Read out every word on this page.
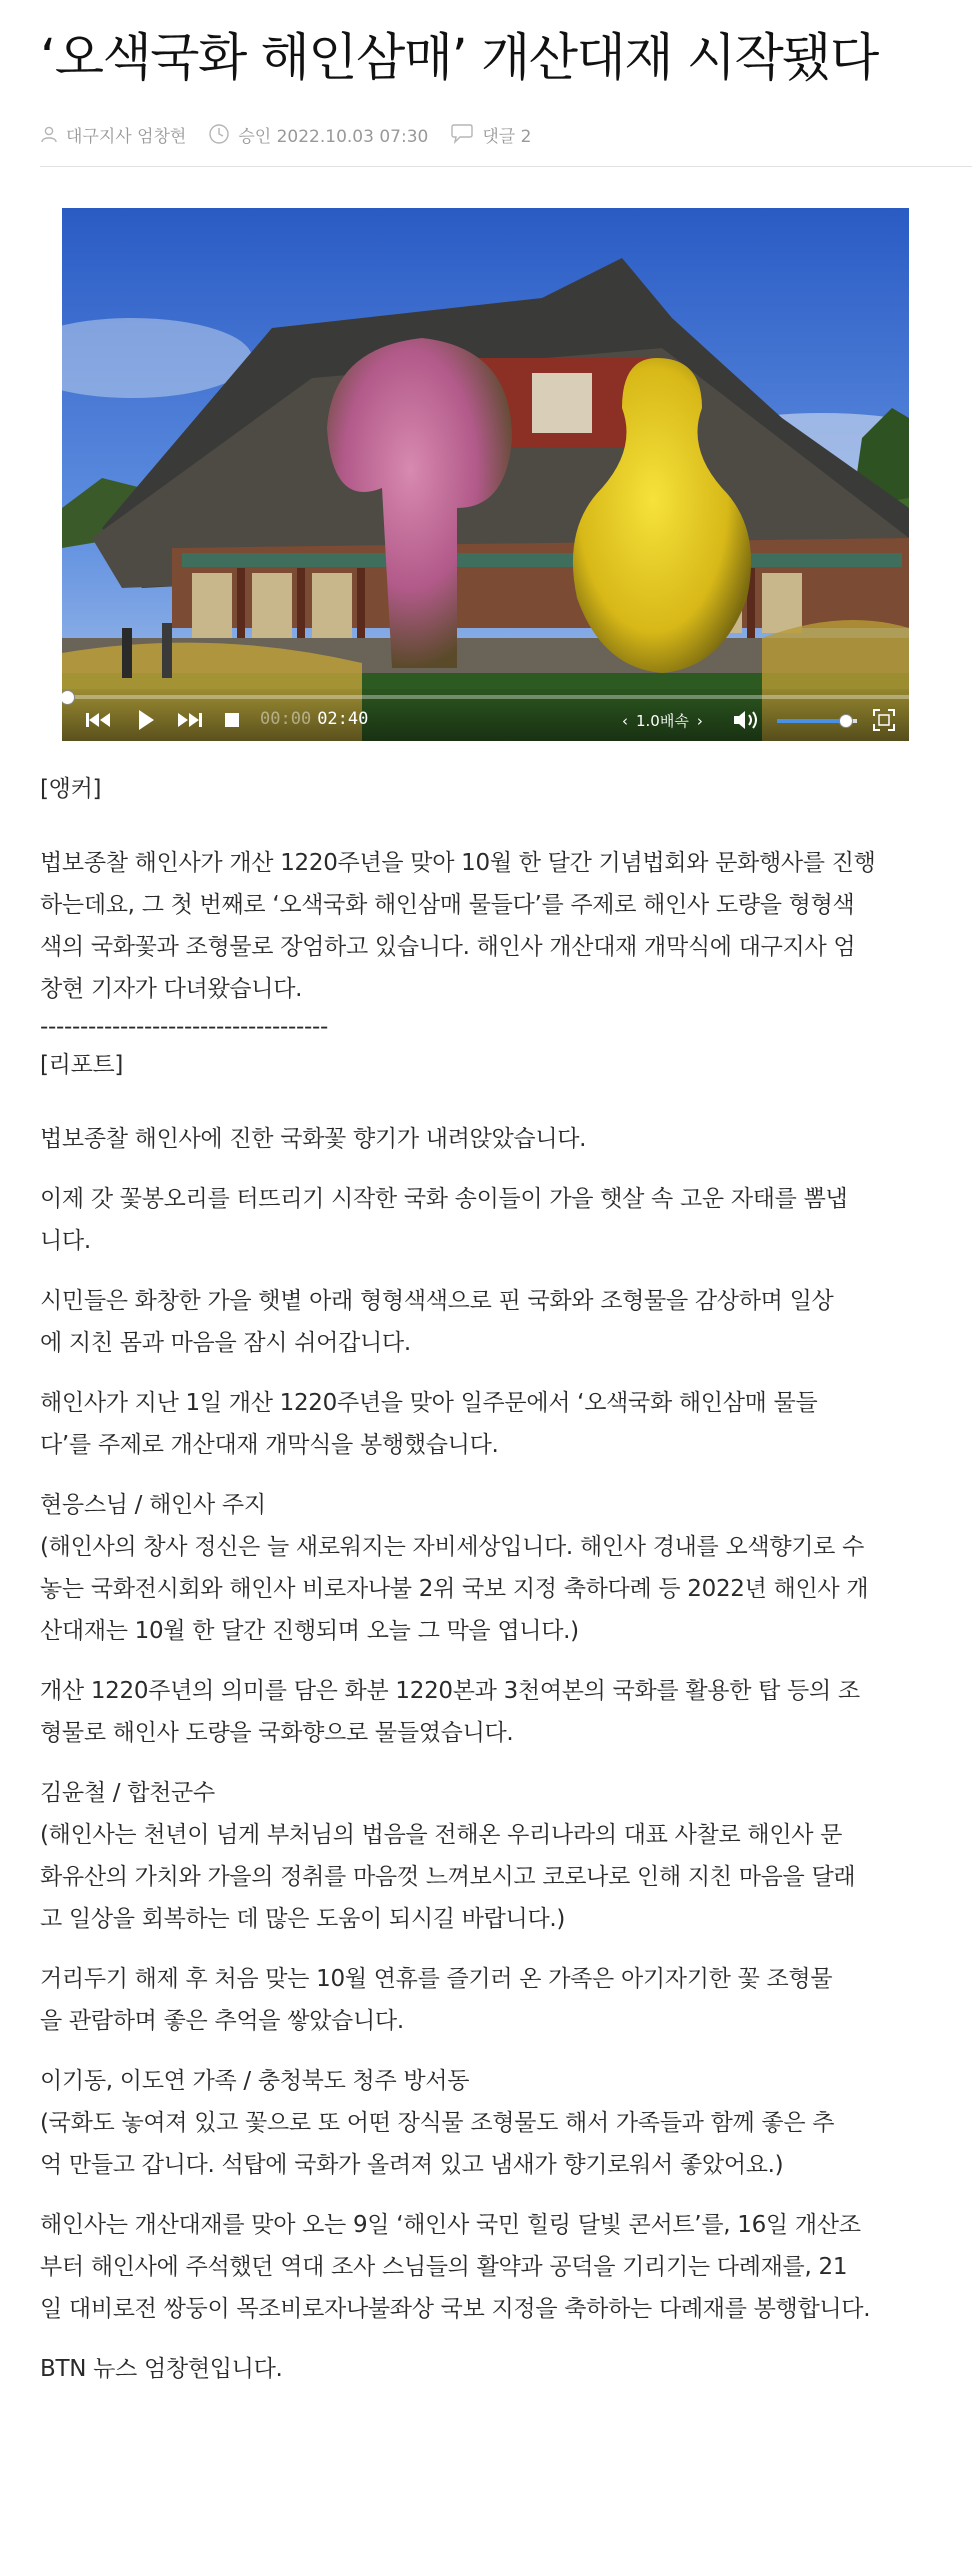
‘오색국화 해인삼매’ 개산대재 시작됐다
대구지사 엄창현	승인 2022.10.03 07:30	댓글 2
00:00 02:40	‹ 1.0배속 ›

[앵커]

법보종찰 해인사가 개산 1220주년을 맞아 10월 한 달간 기념법회와 문화행사를 진행

하는데요, 그 첫 번째로 ‘오색국화 해인삼매 물들다’를 주제로 해인사 도량을 형형색

색의 국화꽃과 조형물로 장엄하고 있습니다. 해인사 개산대재 개막식에 대구지사 엄

창현 기자가 다녀왔습니다.

------------------------------------

[리포트]

법보종찰 해인사에 진한 국화꽃 향기가 내려앉았습니다.

이제 갓 꽃봉오리를 터뜨리기 시작한 국화 송이들이 가을 햇살 속 고운 자태를 뽐냅

니다.

시민들은 화창한 가을 햇볕 아래 형형색색으로 핀 국화와 조형물을 감상하며 일상

에 지친 몸과 마음을 잠시 쉬어갑니다.

해인사가 지난 1일 개산 1220주년을 맞아 일주문에서 ‘오색국화 해인삼매 물들

다’를 주제로 개산대재 개막식을 봉행했습니다.

현응스님 / 해인사 주지

(해인사의 창사 정신은 늘 새로워지는 자비세상입니다. 해인사 경내를 오색향기로 수

놓는 국화전시회와 해인사 비로자나불 2위 국보 지정 축하다례 등 2022년 해인사 개

산대재는 10월 한 달간 진행되며 오늘 그 막을 엽니다.)

개산 1220주년의 의미를 담은 화분 1220본과 3천여본의 국화를 활용한 탑 등의 조

형물로 해인사 도량을 국화향으로 물들였습니다.

김윤철 / 합천군수

(해인사는 천년이 넘게 부처님의 법음을 전해온 우리나라의 대표 사찰로 해인사 문

화유산의 가치와 가을의 정취를 마음껏 느껴보시고 코로나로 인해 지친 마음을 달래

고 일상을 회복하는 데 많은 도움이 되시길 바랍니다.)

거리두기 해제 후 처음 맞는 10월 연휴를 즐기러 온 가족은 아기자기한 꽃 조형물

을 관람하며 좋은 추억을 쌓았습니다.

이기동, 이도연 가족 / 충청북도 청주 방서동

(국화도 놓여져 있고 꽃으로 또 어떤 장식물 조형물도 해서 가족들과 함께 좋은 추

억 만들고 갑니다. 석탑에 국화가 올려져 있고 냄새가 향기로워서 좋았어요.)

해인사는 개산대재를 맞아 오는 9일 ‘해인사 국민 힐링 달빛 콘서트’를, 16일 개산조

부터 해인사에 주석했던 역대 조사 스님들의 활약과 공덕을 기리기는 다례재를, 21

일 대비로전 쌍둥이 목조비로자나불좌상 국보 지정을 축하하는 다례재를 봉행합니다.

BTN 뉴스 엄창현입니다.
